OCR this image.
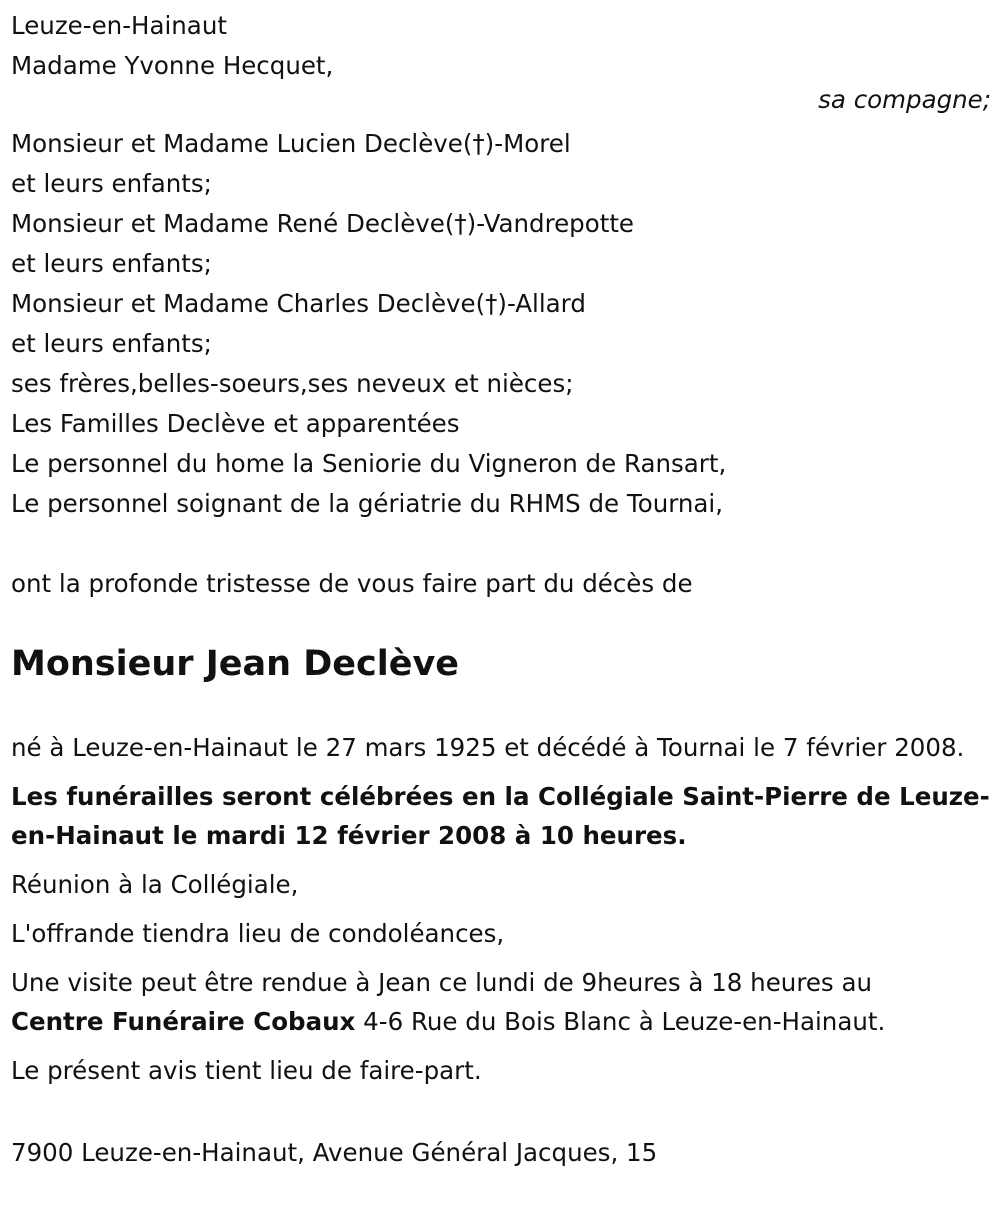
Leuze-en-Hainaut
Madame Yvonne Hecquet,
sa compagne;
Monsieur et Madame Lucien Declève(†)-Morel
et leurs enfants;
Monsieur et Madame René Declève(†)-Vandrepotte
et leurs enfants;
Monsieur et Madame Charles Declève(†)-Allard
et leurs enfants;
ses frères,belles-soeurs,ses neveux et nièces;
Les Familles Declève et apparentées
Le personnel du home la Seniorie du Vigneron de Ransart,
Le personnel soignant de la gériatrie du RHMS de Tournai,
ont la profonde tristesse de vous faire part du décès de
Monsieur Jean Declève
né à Leuze-en-Hainaut le 27 mars 1925 et décédé à Tournai le 7 février 2008.
Les funérailles seront célébrées en la Collégiale Saint-Pierre de Leuze-en-Hainaut le mardi 12 février 2008 à 10 heures.
Réunion à la Collégiale,
L'offrande tiendra lieu de condoléances,
Une visite peut être rendue à Jean ce lundi de 9heures à 18 heures au
Centre Funéraire Cobaux 4-6 Rue du Bois Blanc à Leuze-en-Hainaut.
Le présent avis tient lieu de faire-part.
7900 Leuze-en-Hainaut, Avenue Général Jacques, 15
